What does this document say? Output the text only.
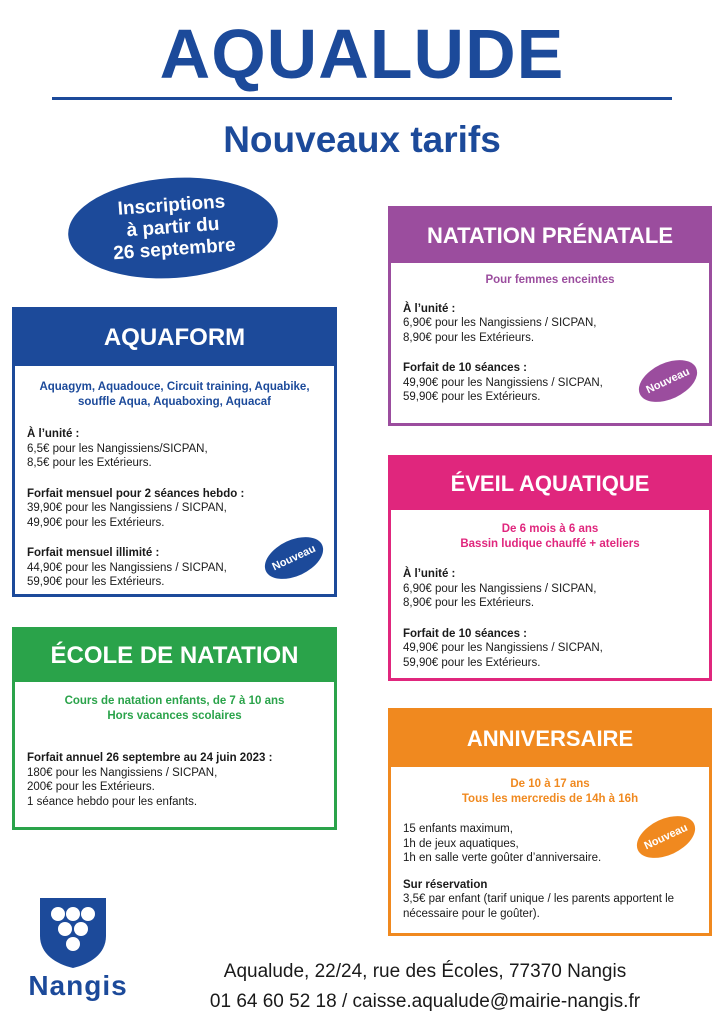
AQUALUDE
Nouveaux tarifs
Inscriptions
à partir du
26 septembre
AQUAFORM
Aquagym, Aquadouce, Circuit training, Aquabike,
souffle Aqua, Aquaboxing, Aquacaf
À l’unité :
6,5€ pour les Nangissiens/SICPAN,
8,5€ pour les Extérieurs.
Forfait mensuel pour 2 séances hebdo :
39,90€ pour les Nangissiens / SICPAN,
49,90€ pour les Extérieurs.
Forfait mensuel illimité :
44,90€ pour les Nangissiens / SICPAN,
59,90€ pour les Extérieurs.
Nouveau
ÉCOLE DE NATATION
Cours de natation enfants, de 7 à 10 ans
Hors vacances scolaires
Forfait annuel 26 septembre au 24 juin 2023 :
180€ pour les Nangissiens / SICPAN,
200€ pour les Extérieurs.
1 séance hebdo pour les enfants.
NATATION PRÉNATALE
Pour femmes enceintes
À l’unité :
6,90€ pour les Nangissiens / SICPAN,
8,90€ pour les Extérieurs.
Forfait de 10 séances :
49,90€ pour les Nangissiens / SICPAN,
59,90€ pour les Extérieurs.
Nouveau
ÉVEIL AQUATIQUE
De 6 mois à 6 ans
Bassin ludique chauffé + ateliers
À l’unité :
6,90€ pour les Nangissiens / SICPAN,
8,90€ pour les Extérieurs.
Forfait de 10 séances :
49,90€ pour les Nangissiens / SICPAN,
59,90€ pour les Extérieurs.
ANNIVERSAIRE
De 10 à 17 ans
Tous les mercredis de 14h à 16h
15 enfants maximum,
1h de jeux aquatiques,
1h en salle verte goûter d’anniversaire.
Sur réservation
3,5€ par enfant (tarif unique / les parents apportent le
nécessaire pour le goûter).
Nouveau
Nangis	Aqualude, 22/24, rue des Écoles, 77370 Nangis
01 64 60 52 18 / caisse.aqualude@mairie-nangis.fr
